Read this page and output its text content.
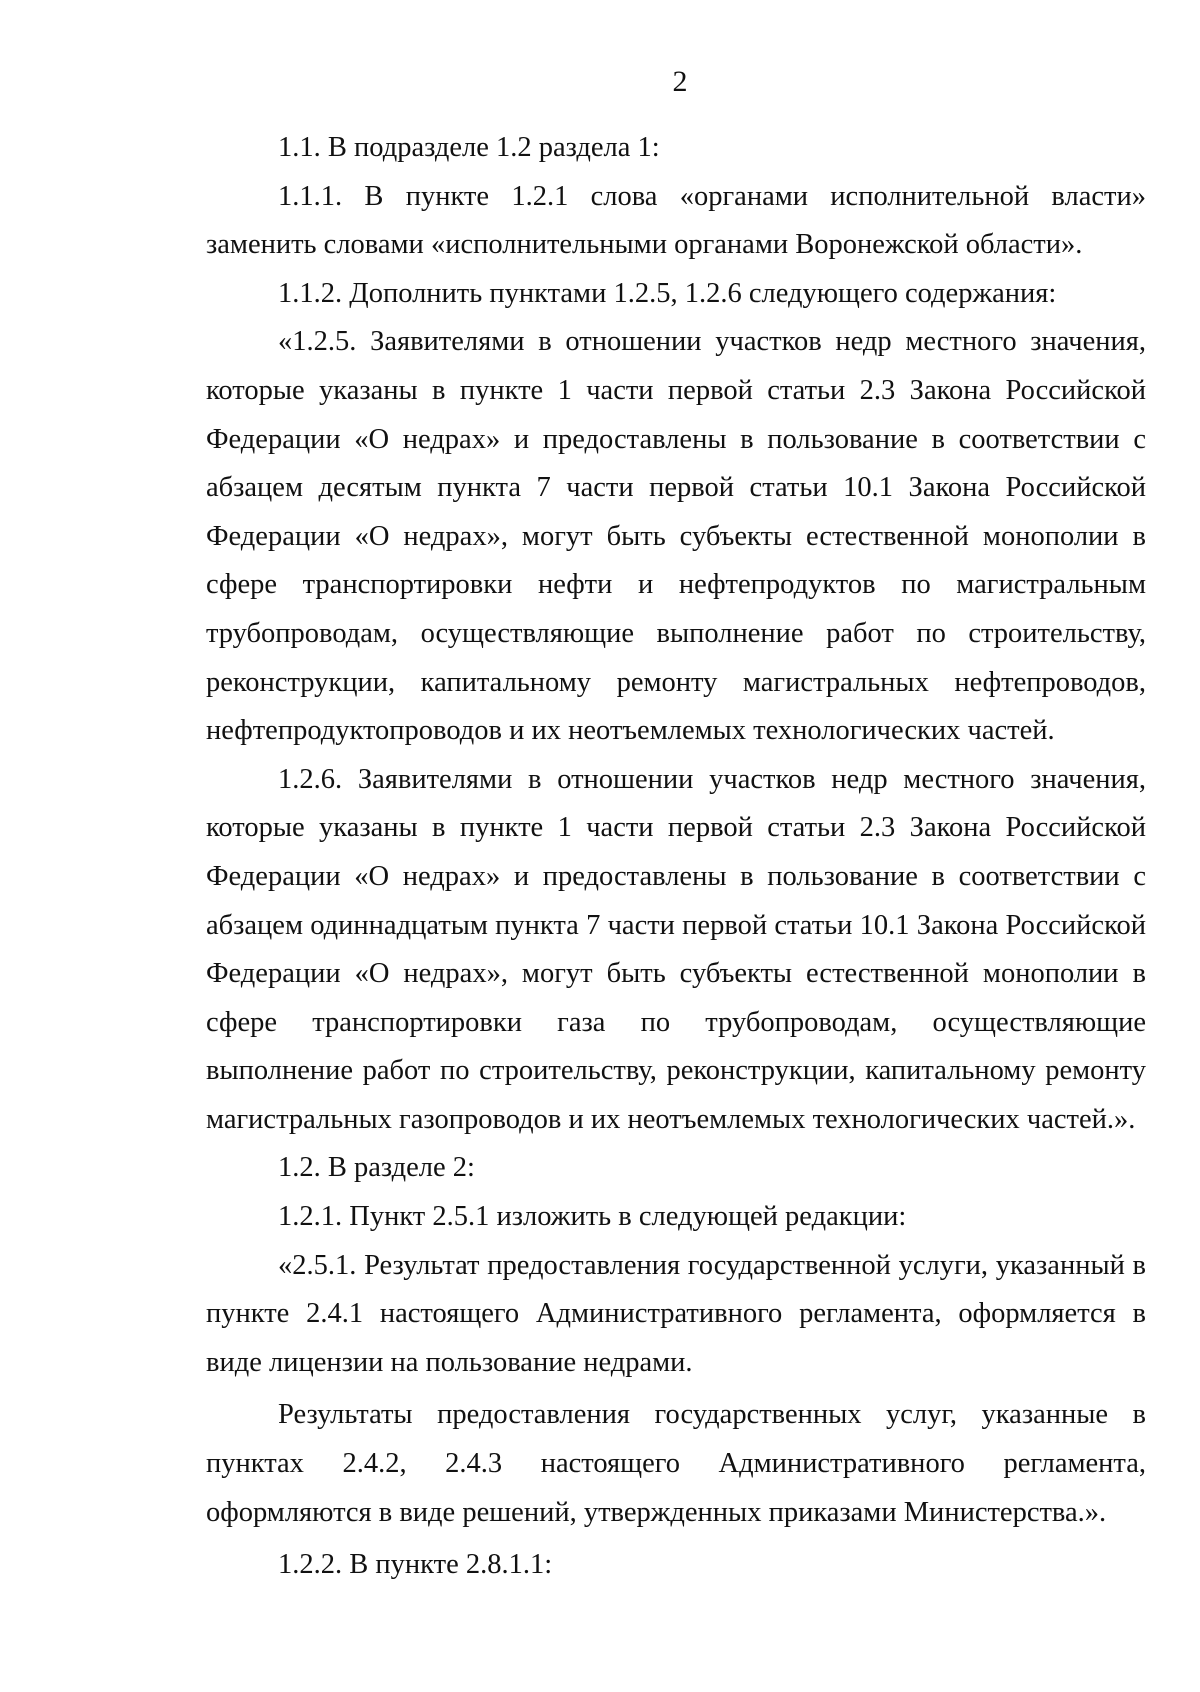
2

1.1. В подразделе 1.2 раздела 1:

1.1.1. В пункте 1.2.1 слова «органами исполнительной власти» заменить словами «исполнительными органами Воронежской области».

1.1.2. Дополнить пунктами 1.2.5, 1.2.6 следующего содержания:

«1.2.5. Заявителями в отношении участков недр местного значения, которые указаны в пункте 1 части первой статьи 2.3 Закона Российской Федерации «О недрах» и предоставлены в пользование в соответствии с абзацем десятым пункта 7 части первой статьи 10.1 Закона Российской Федерации «О недрах», могут быть субъекты естественной монополии в сфере транспортировки нефти и нефтепродуктов по магистральным трубопроводам, осуществляющие выполнение работ по строительству, реконструкции, капитальному ремонту магистральных нефтепроводов, нефтепродуктопроводов и их неотъемлемых технологических частей.

1.2.6. Заявителями в отношении участков недр местного значения, которые указаны в пункте 1 части первой статьи 2.3 Закона Российской Федерации «О недрах» и предоставлены в пользование в соответствии с абзацем одиннадцатым пункта 7 части первой статьи 10.1 Закона Российской Федерации «О недрах», могут быть субъекты естественной монополии в сфере транспортировки газа по трубопроводам, осуществляющие выполнение работ по строительству, реконструкции, капитальному ремонту магистральных газопроводов и их неотъемлемых технологических частей.».

1.2. В разделе 2:

1.2.1. Пункт 2.5.1 изложить в следующей редакции:

«2.5.1. Результат предоставления государственной услуги, указанный в пункте 2.4.1 настоящего Административного регламента, оформляется в виде лицензии на пользование недрами.

Результаты предоставления государственных услуг, указанные в пунктах 2.4.2, 2.4.3 настоящего Административного регламента, оформляются в виде решений, утвержденных приказами Министерства.».

1.2.2. В пункте 2.8.1.1:
